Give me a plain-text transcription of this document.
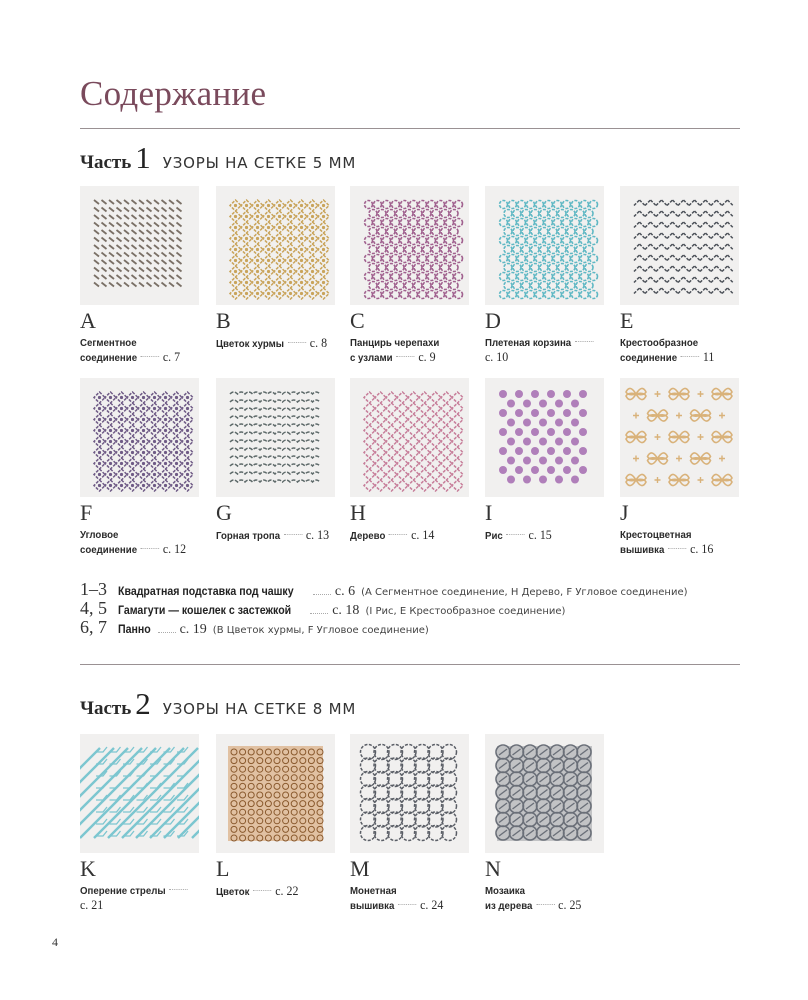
Содержание
Часть 1 УЗОРЫ НА СЕТКЕ 5 ММ
A
Сегментное
соединение с. 7
B
Цветок хурмы с. 8
C
Панцирь черепахи
с узлами с. 9
D
Плетеная корзинас. 10
E
Крестообразное
соединение 11
F
Угловое
соединение с. 12
G
Горная тропа с. 13
H
Дерево с. 14
I
Рис с. 15
J
Крестоцветная
вышивка с. 16
1–3 Квадратная подставка под чашку	с. 6 (A Сегментное соединение, H Дерево, F Угловое соединение)
4, 5 Гамагути — кошелек с застежкой	с. 18 (I Рис, E Крестообразное соединение)
6, 7 Панно с. 19 (B Цветок хурмы, F Угловое соединение)
Часть 2 УЗОРЫ НА СЕТКЕ 8 ММ
K
Оперение стрелыс. 21
L
Цветок с. 22
M
Монетная
вышивка с. 24
N
Мозаика
из дерева с. 25
4
